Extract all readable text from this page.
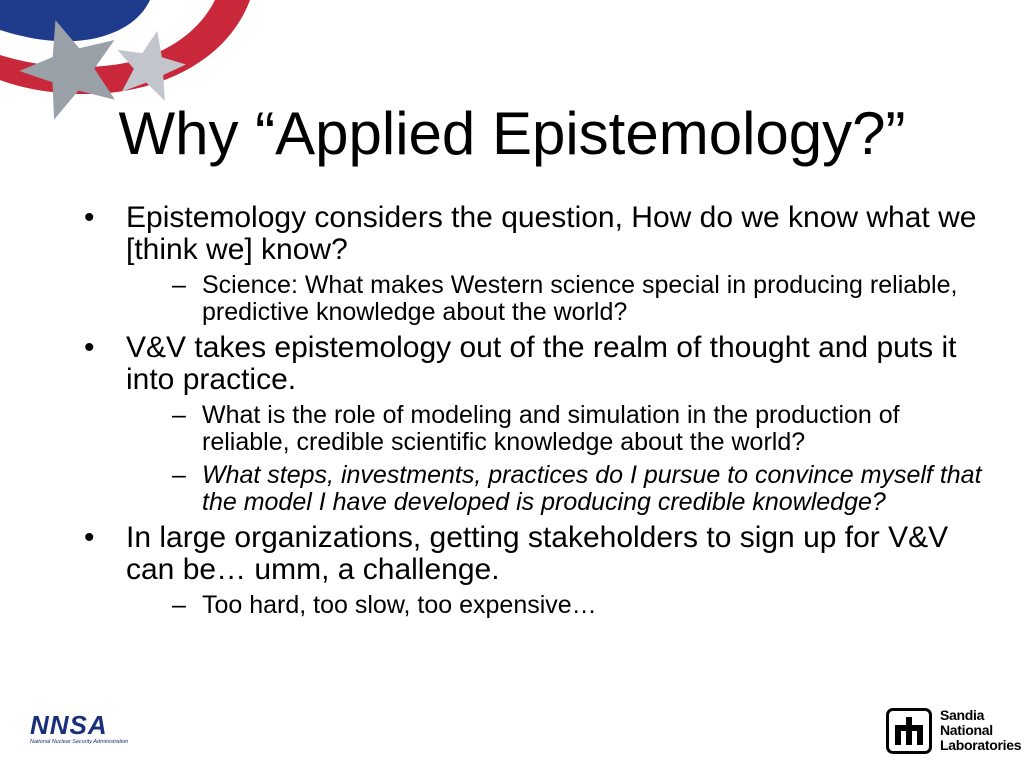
Why “Applied Epistemology?”
• Epistemology considers the question, How do we know what we [think we] know?
– Science: What makes Western science special in producing reliable, predictive knowledge about the world?
• V&V takes epistemology out of the realm of thought and puts it into practice.
– What is the role of modeling and simulation in the production of reliable, credible scientific knowledge about the world?
– What steps, investments, practices do I pursue to convince myself that the model I have developed is producing credible knowledge?
• In large organizations, getting stakeholders to sign up for V&V can be… umm, a challenge.
– Too hard, too slow, too expensive…
NNSA
National Nuclear Security Administration
Sandia
National
Laboratories
